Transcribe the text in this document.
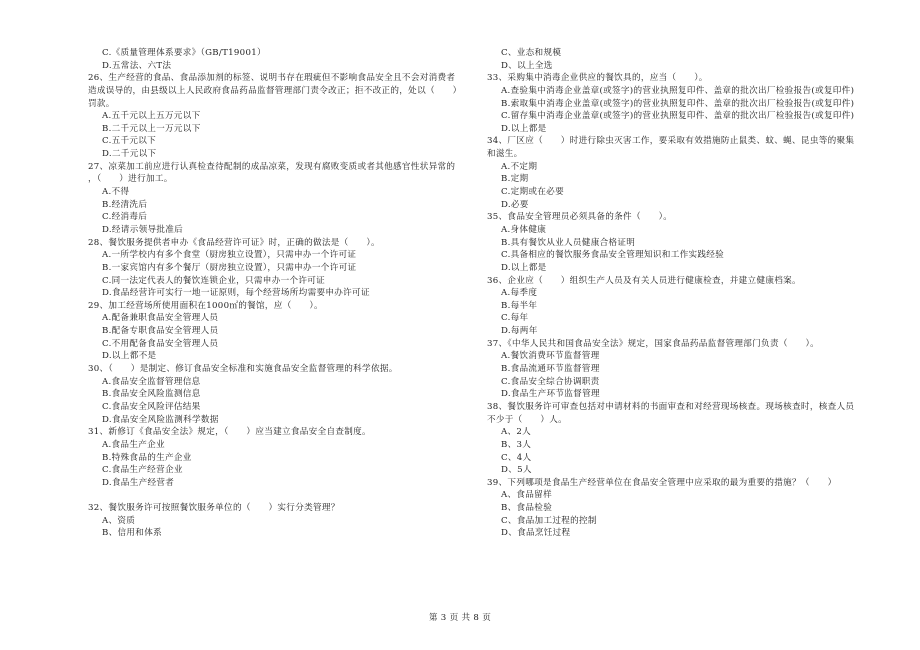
C.《质量管理体系要求》（GB/T19001）
D.五常法、六T法
26、生产经营的食品、食品添加剂的标签、说明书存在瑕疵但不影响食品安全且不会对消费者
造成误导的，由县级以上人民政府食品药品监督管理部门责令改正；拒不改正的，处以（　　）
罚款。
A.五千元以上五万元以下
B.二千元以上一万元以下
C.五千元以下
D.二千元以下
27、凉菜加工前应进行认真检查待配制的成品凉菜，发现有腐败变质或者其他感官性状异常的
，（　　）进行加工。
A.不得
B.经清洗后
C.经消毒后
D.经请示领导批准后
28、餐饮服务提供者申办《食品经营许可证》时，正确的做法是（　　）。
A.一所学校内有多个食堂（厨房独立设置），只需申办一个许可证
B.一家宾馆内有多个餐厅（厨房独立设置），只需申办一个许可证
C.同一法定代表人的餐饮连锁企业，只需申办一个许可证
D.食品经营许可实行一地一证原则，每个经营场所均需要申办许可证
29、加工经营场所使用面积在1000㎡的餐馆，应（　　）。
A.配备兼职食品安全管理人员
B.配备专职食品安全管理人员
C.不用配备食品安全管理人员
D.以上都不是
30、（　　）是制定、修订食品安全标准和实施食品安全监督管理的科学依据。
A.食品安全监督管理信息
B.食品安全风险监测信息
C.食品安全风险评估结果
D.食品安全风险监测科学数据
31、新修订《食品安全法》规定，（　　）应当建立食品安全自查制度。
A.食品生产企业
B.特殊食品的生产企业
C.食品生产经营企业
D.食品生产经营者
32、餐饮服务许可按照餐饮服务单位的（　　）实行分类管理？
A、资质
B、信用和体系
C、业态和规模
D、以上全选
33、采购集中消毒企业供应的餐饮具的，应当（　　）。
A.查验集中消毒企业盖章(或签字)的营业执照复印件、盖章的批次出厂检验报告(或复印件)
B.索取集中消毒企业盖章(或签字)的营业执照复印件、盖章的批次出厂检验报告(或复印件)
C.留存集中消毒企业盖章(或签字)的营业执照复印件、盖章的批次出厂检验报告(或复印件)
D.以上都是
34、厂区应（　　）时进行除虫灭害工作，要采取有效措施防止鼠类、蚊、蝇、昆虫等的聚集
和滋生。
A.不定期
B.定期
C.定期或在必要
D.必要
35、食品安全管理员必须具备的条件（　　）。
A.身体健康
B.具有餐饮从业人员健康合格证明
C.具备相应的餐饮服务食品安全管理知识和工作实践经验
D.以上都是
36、企业应（　　）组织生产人员及有关人员进行健康检查，并建立健康档案。
A.每季度
B.每半年
C.每年
D.每两年
37、《中华人民共和国食品安全法》规定，国家食品药品监督管理部门负责（　　）。
A.餐饮消费环节监督管理
B.食品流通环节监督管理
C.食品安全综合协调职责
D.食品生产环节监督管理
38、餐饮服务许可审查包括对申请材料的书面审查和对经营现场核查。现场核查时，核查人员
不少于（　　）人。
A、2人
B、3人
C、4人
D、5人
39、下列哪项是食品生产经营单位在食品安全管理中应采取的最为重要的措施？（　　）
A、食品留样
B、食品检验
C、食品加工过程的控制
D、食品烹饪过程
第 3 页 共 8 页
